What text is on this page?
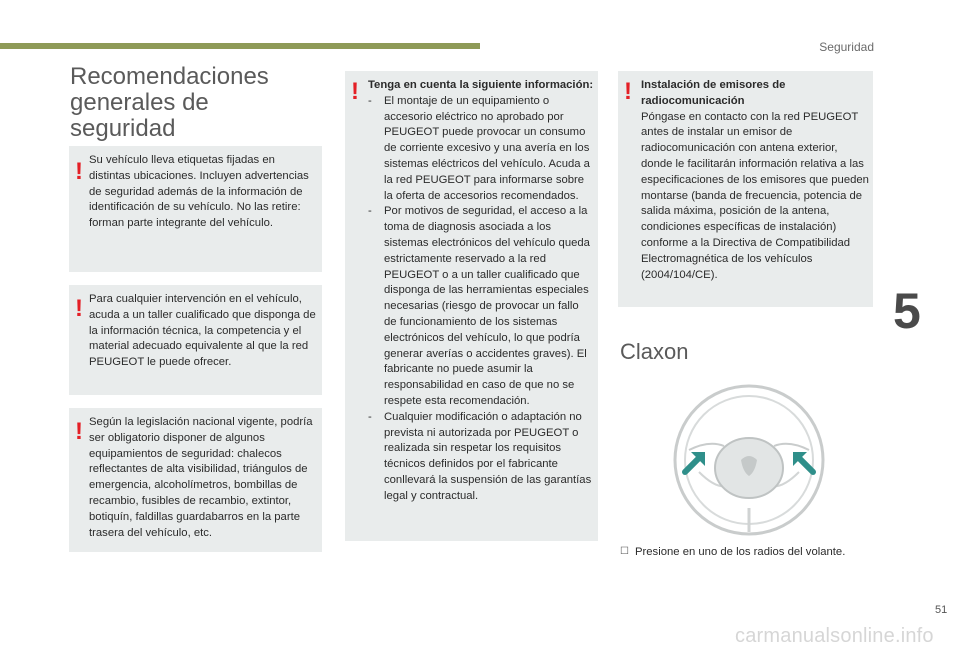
Seguridad
5
Recomendaciones generales de seguridad
! Su vehículo lleva etiquetas fijadas en distintas ubicaciones. Incluyen advertencias de seguridad además de la información de identificación de su vehículo. No las retire: forman parte integrante del vehículo.
! Para cualquier intervención en el vehículo, acuda a un taller cualificado que disponga de la información técnica, la competencia y el material adecuado equivalente al que la red PEUGEOT le puede ofrecer.
! Según la legislación nacional vigente, podría ser obligatorio disponer de algunos equipamientos de seguridad: chalecos reflectantes de alta visibilidad, triángulos de emergencia, alcoholímetros, bombillas de recambio, fusibles de recambio, extintor, botiquín, faldillas guardabarros en la parte trasera del vehículo, etc.
! Tenga en cuenta la siguiente información:
- El montaje de un equipamiento o accesorio eléctrico no aprobado por PEUGEOT puede provocar un consumo de corriente excesivo y una avería en los sistemas eléctricos del vehículo. Acuda a la red PEUGEOT para informarse sobre la oferta de accesorios recomendados.
- Por motivos de seguridad, el acceso a la toma de diagnosis asociada a los sistemas electrónicos del vehículo queda estrictamente reservado a la red PEUGEOT o a un taller cualificado que disponga de las herramientas especiales necesarias (riesgo de provocar un fallo de funcionamiento de los sistemas electrónicos del vehículo, lo que podría generar averías o accidentes graves). El fabricante no puede asumir la responsabilidad en caso de que no se respete esta recomendación.
- Cualquier modificación o adaptación no prevista ni autorizada por PEUGEOT o realizada sin respetar los requisitos técnicos definidos por el fabricante conllevará la suspensión de las garantías legal y contractual.
! Instalación de emisores de radiocomunicación
Póngase en contacto con la red PEUGEOT antes de instalar un emisor de radiocomunicación con antena exterior, donde le facilitarán información relativa a las especificaciones de los emisores que pueden montarse (banda de frecuencia, potencia de salida máxima, posición de la antena, condiciones específicas de instalación) conforme a la Directiva de Compatibilidad Electromagnética de los vehículos (2004/104/CE).
Claxon
☐ Presione en uno de los radios del volante.
51
carmanualsonline.info
